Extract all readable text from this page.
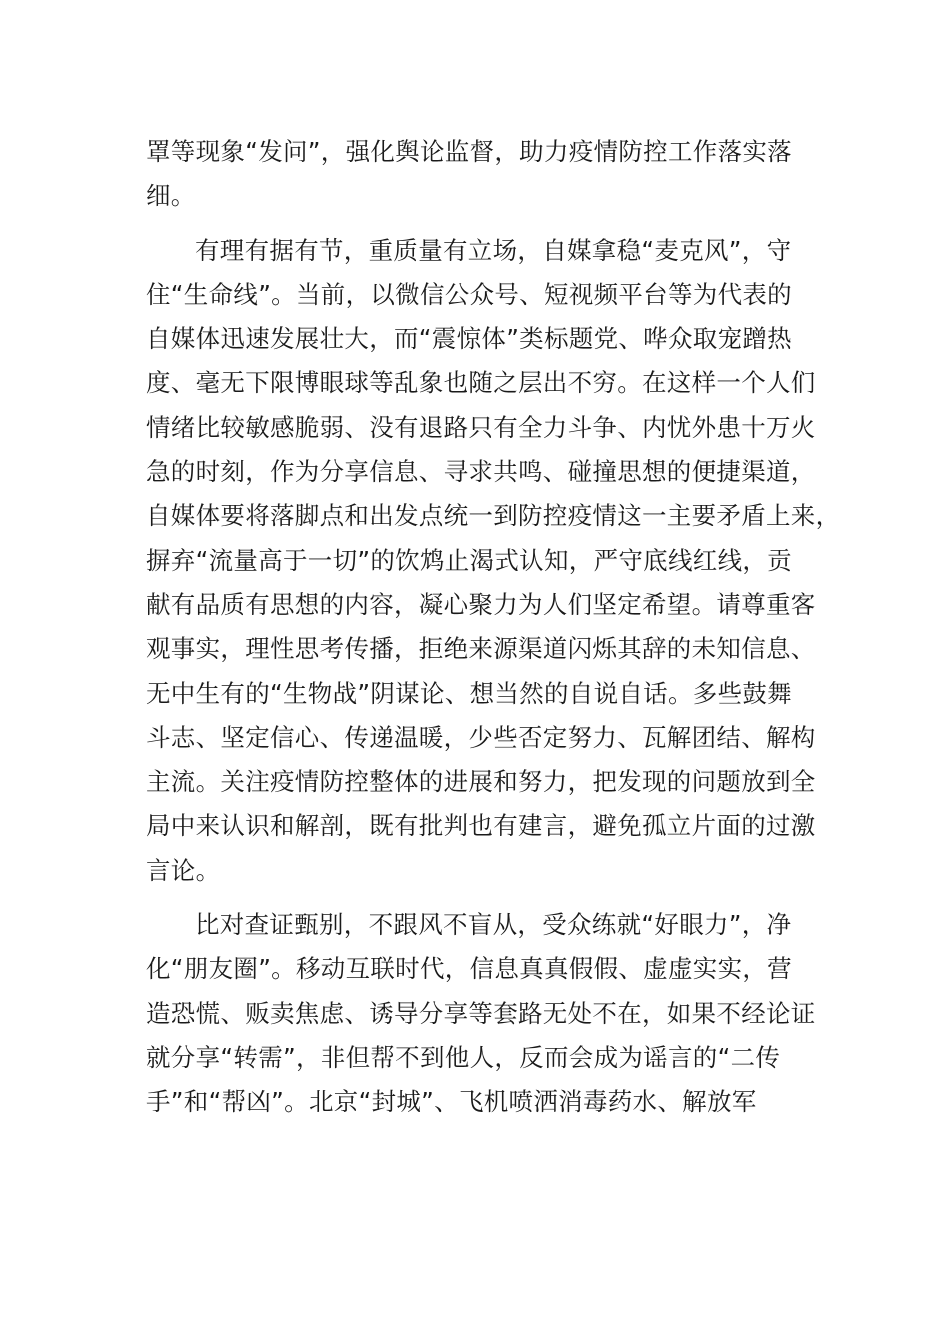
罩等现象“发问”，强化舆论监督，助力疫情防控工作落实落
细。
有理有据有节，重质量有立场，自媒拿稳“麦克风”，守
住“生命线”。当前，以微信公众号、短视频平台等为代表的
自媒体迅速发展壮大，而“震惊体”类标题党、哗众取宠蹭热
度、毫无下限博眼球等乱象也随之层出不穷。在这样一个人们
情绪比较敏感脆弱、没有退路只有全力斗争、内忧外患十万火
急的时刻，作为分享信息、寻求共鸣、碰撞思想的便捷渠道，
自媒体要将落脚点和出发点统一到防控疫情这一主要矛盾上来，
摒弃“流量高于一切”的饮鸩止渴式认知，严守底线红线，贡
献有品质有思想的内容，凝心聚力为人们坚定希望。请尊重客
观事实，理性思考传播，拒绝来源渠道闪烁其辞的未知信息、
无中生有的“生物战”阴谋论、想当然的自说自话。多些鼓舞
斗志、坚定信心、传递温暖，少些否定努力、瓦解团结、解构
主流。关注疫情防控整体的进展和努力，把发现的问题放到全
局中来认识和解剖，既有批判也有建言，避免孤立片面的过激
言论。
比对查证甄别，不跟风不盲从，受众练就“好眼力”，净
化“朋友圈”。移动互联时代，信息真真假假、虚虚实实，营
造恐慌、贩卖焦虑、诱导分享等套路无处不在，如果不经论证
就分享“转需”，非但帮不到他人，反而会成为谣言的“二传
手”和“帮凶”。北京“封城”、飞机喷洒消毒药水、解放军
